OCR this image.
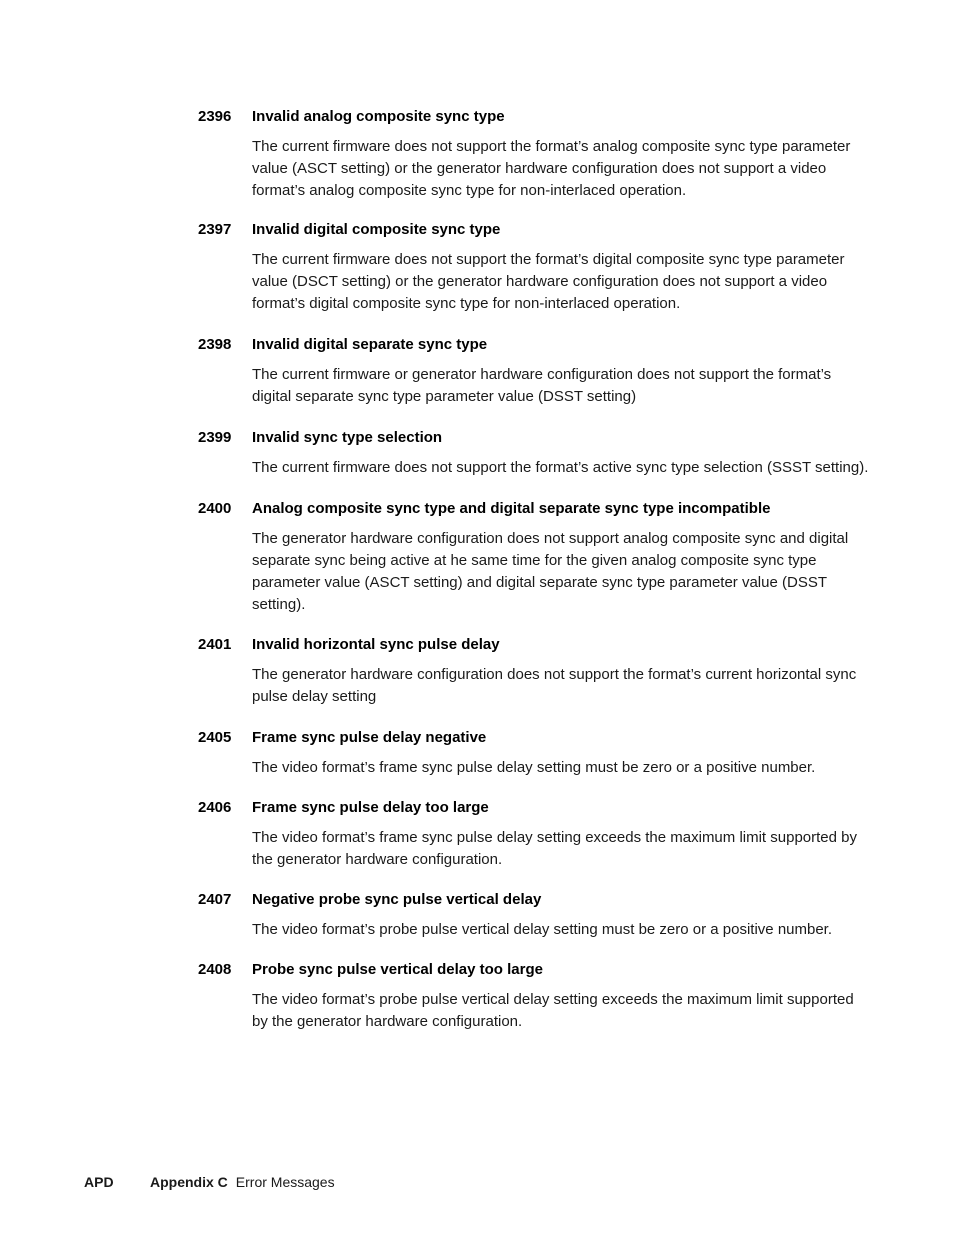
2396	Invalid analog composite sync type
The current firmware does not support the format’s analog composite sync type parameter value (ASCT setting) or the generator hardware configuration does not support a video format’s analog composite sync type for non-interlaced operation.
2397	Invalid digital composite sync type
The current firmware does not support the format’s digital composite sync type parameter value (DSCT setting) or the generator hardware configuration does not support a video format’s digital composite sync type for non-interlaced operation.
2398	Invalid digital separate sync type
The current firmware or generator hardware configuration does not support the format’s digital separate sync type parameter value (DSST setting)
2399	Invalid sync type selection
The current firmware does not support the format’s active sync type selection (SSST setting).
2400	Analog composite sync type and digital separate sync type incompatible
The generator hardware configuration does not support analog composite sync and digital separate sync being active at he same time for the given analog composite sync type parameter value (ASCT setting) and digital separate sync type parameter value (DSST setting).
2401	Invalid horizontal sync pulse delay
The generator hardware configuration does not support the format’s current horizontal sync pulse delay setting
2405	Frame sync pulse delay negative
The video format’s frame sync pulse delay setting must be zero or a positive number.
2406	Frame sync pulse delay too large
The video format’s frame sync pulse delay setting exceeds the maximum limit supported by the generator hardware configuration.
2407	Negative probe sync pulse vertical delay
The video format’s probe pulse vertical delay setting must be zero or a positive number.
2408	Probe sync pulse vertical delay too large
The video format’s probe pulse vertical delay setting exceeds the maximum limit supported by the generator hardware configuration.
APD	Appendix C Error Messages
